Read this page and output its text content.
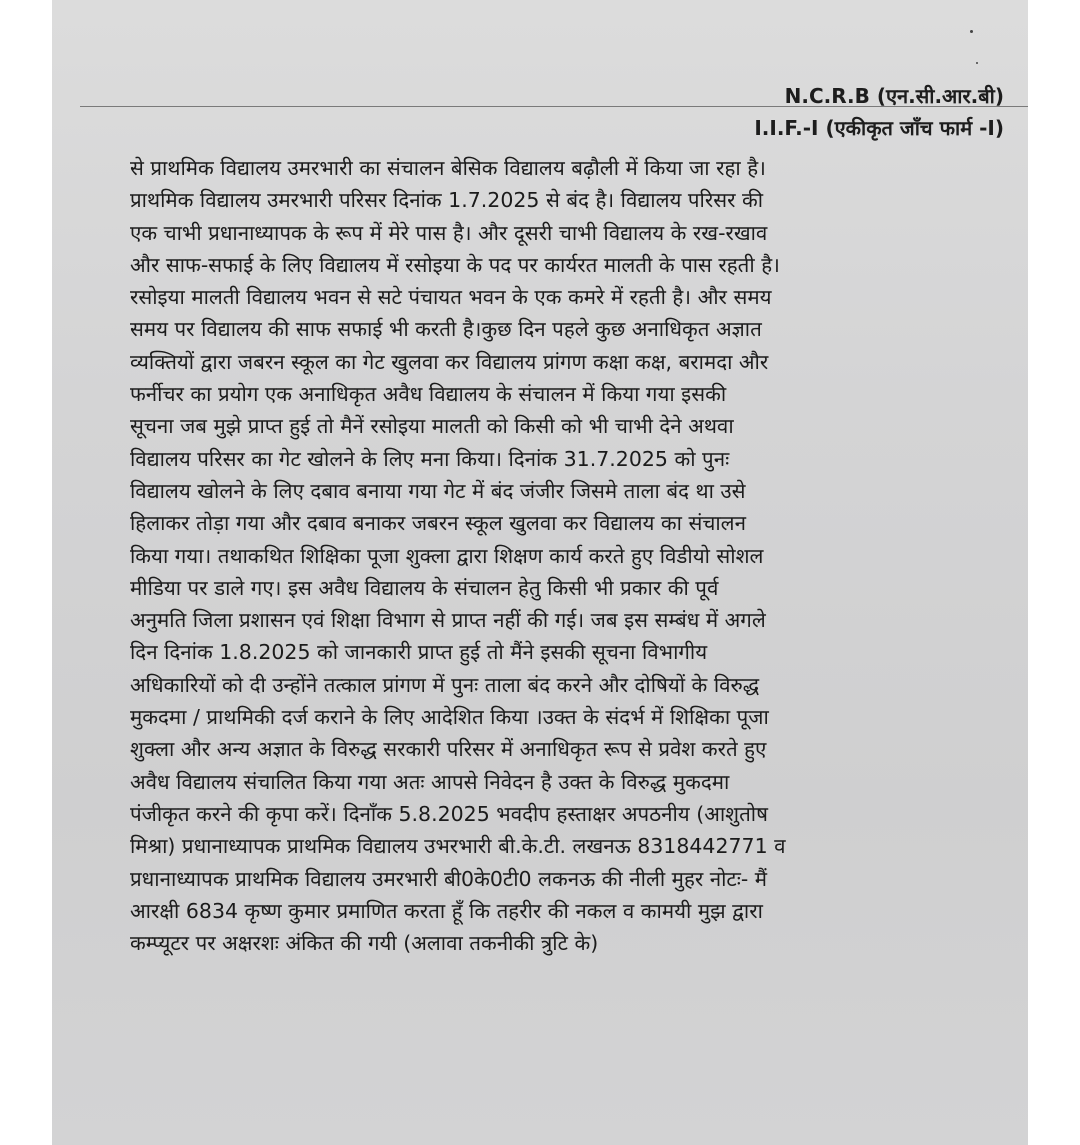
N.C.R.B (एन.सी.आर.बी)
I.I.F.-I (एकीकृत जाँच फार्म -I)
से प्राथमिक विद्यालय उमरभारी का संचालन बेसिक विद्यालय बढ़ौली में किया जा रहा है।
प्राथमिक विद्यालय उमरभारी परिसर दिनांक 1.7.2025 से बंद है। विद्यालय परिसर की
एक चाभी प्रधानाध्यापक के रूप में मेरे पास है। और दूसरी चाभी विद्यालय के रख-रखाव
और साफ-सफाई के लिए विद्यालय में रसोइया के पद पर कार्यरत मालती के पास रहती है।
रसोइया मालती विद्यालय भवन से सटे पंचायत भवन के एक कमरे में रहती है। और समय
समय पर विद्यालय की साफ सफाई भी करती है।कुछ दिन पहले कुछ अनाधिकृत अज्ञात
व्यक्तियों द्वारा जबरन स्कूल का गेट खुलवा कर विद्यालय प्रांगण कक्षा कक्ष, बरामदा और
फर्नीचर का प्रयोग एक अनाधिकृत अवैध विद्यालय के संचालन में किया गया इसकी
सूचना जब मुझे प्राप्त हुई तो मैनें रसोइया मालती को किसी को भी चाभी देने अथवा
विद्यालय परिसर का गेट खोलने के लिए मना किया। दिनांक 31.7.2025 को पुनः
विद्यालय खोलने के लिए दबाव बनाया गया गेट में बंद जंजीर जिसमे ताला बंद था उसे
हिलाकर तोड़ा गया और दबाव बनाकर जबरन स्कूल खुलवा कर विद्यालय का संचालन
किया गया। तथाकथित शिक्षिका पूजा शुक्ला द्वारा शिक्षण कार्य करते हुए विडीयो सोशल
मीडिया पर डाले गए। इस अवैध विद्यालय के संचालन हेतु किसी भी प्रकार की पूर्व
अनुमति जिला प्रशासन एवं शिक्षा विभाग से प्राप्त नहीं की गई। जब इस सम्बंध में अगले
दिन दिनांक 1.8.2025 को जानकारी प्राप्त हुई तो मैंने इसकी सूचना विभागीय
अधिकारियों को दी उन्होंने तत्काल प्रांगण में पुनः ताला बंद करने और दोषियों के विरुद्ध
मुकदमा / प्राथमिकी दर्ज कराने के लिए आदेशित किया ।उक्त के संदर्भ में शिक्षिका पूजा
शुक्ला और अन्य अज्ञात के विरुद्ध सरकारी परिसर में अनाधिकृत रूप से प्रवेश करते हुए
अवैध विद्यालय संचालित किया गया अतः आपसे निवेदन है उक्त के विरुद्ध मुकदमा
पंजीकृत करने की कृपा करें। दिनाँक 5.8.2025 भवदीप हस्ताक्षर अपठनीय (आशुतोष
मिश्रा) प्रधानाध्यापक प्राथमिक विद्यालय उभरभारी बी.के.टी. लखनऊ 8318442771 व
प्रधानाध्यापक प्राथमिक विद्यालय उमरभारी बी0के0टी0 लकनऊ की नीली मुहर नोटः- मैं
आरक्षी 6834 कृष्ण कुमार प्रमाणित करता हूँ कि तहरीर की नकल व कामयी मुझ द्वारा
कम्प्यूटर पर अक्षरशः अंकित की गयी (अलावा तकनीकी त्रुटि के)
